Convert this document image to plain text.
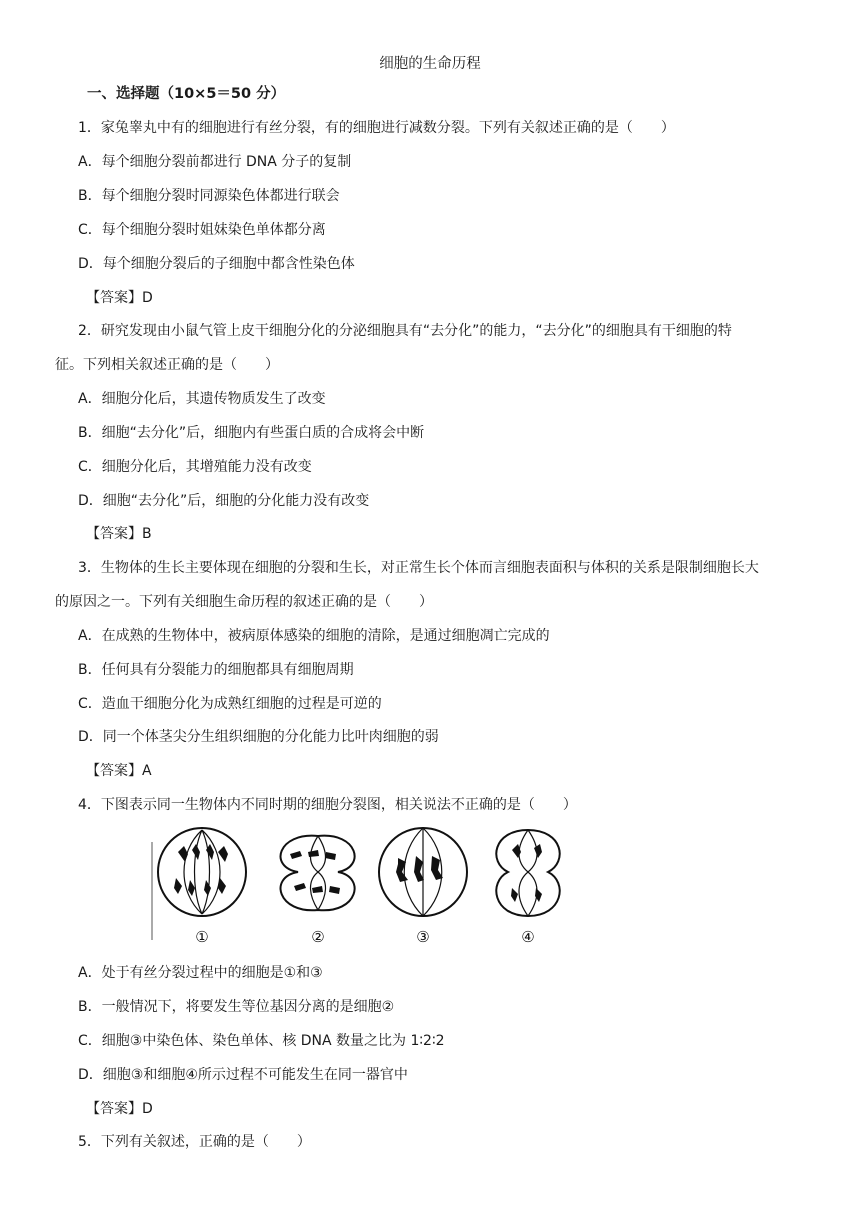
细胞的生命历程
一、选择题（10×5＝50 分）
1．家兔睾丸中有的细胞进行有丝分裂，有的细胞进行减数分裂。下列有关叙述正确的是（　　）
A．每个细胞分裂前都进行 DNA 分子的复制
B．每个细胞分裂时同源染色体都进行联会
C．每个细胞分裂时姐妹染色单体都分离
D．每个细胞分裂后的子细胞中都含性染色体
【答案】D
2．研究发现由小鼠气管上皮干细胞分化的分泌细胞具有“去分化”的能力，“去分化”的细胞具有干细胞的特
征。下列相关叙述正确的是（　　）
A．细胞分化后，其遗传物质发生了改变
B．细胞“去分化”后，细胞内有些蛋白质的合成将会中断
C．细胞分化后，其增殖能力没有改变
D．细胞“去分化”后，细胞的分化能力没有改变
【答案】B
3．生物体的生长主要体现在细胞的分裂和生长，对正常生长个体而言细胞表面积与体积的关系是限制细胞长大
的原因之一。下列有关细胞生命历程的叙述正确的是（　　）
A．在成熟的生物体中，被病原体感染的细胞的清除，是通过细胞凋亡完成的
B．任何具有分裂能力的细胞都具有细胞周期
C．造血干细胞分化为成熟红细胞的过程是可逆的
D．同一个体茎尖分生组织细胞的分化能力比叶肉细胞的弱
【答案】A
4．下图表示同一生物体内不同时期的细胞分裂图，相关说法不正确的是（　　）
①	②	③	④
A．处于有丝分裂过程中的细胞是①和③
B．一般情况下，将要发生等位基因分离的是细胞②
C．细胞③中染色体、染色单体、核 DNA 数量之比为 1∶2∶2
D．细胞③和细胞④所示过程不可能发生在同一器官中
【答案】D
5．下列有关叙述，正确的是（　　）
